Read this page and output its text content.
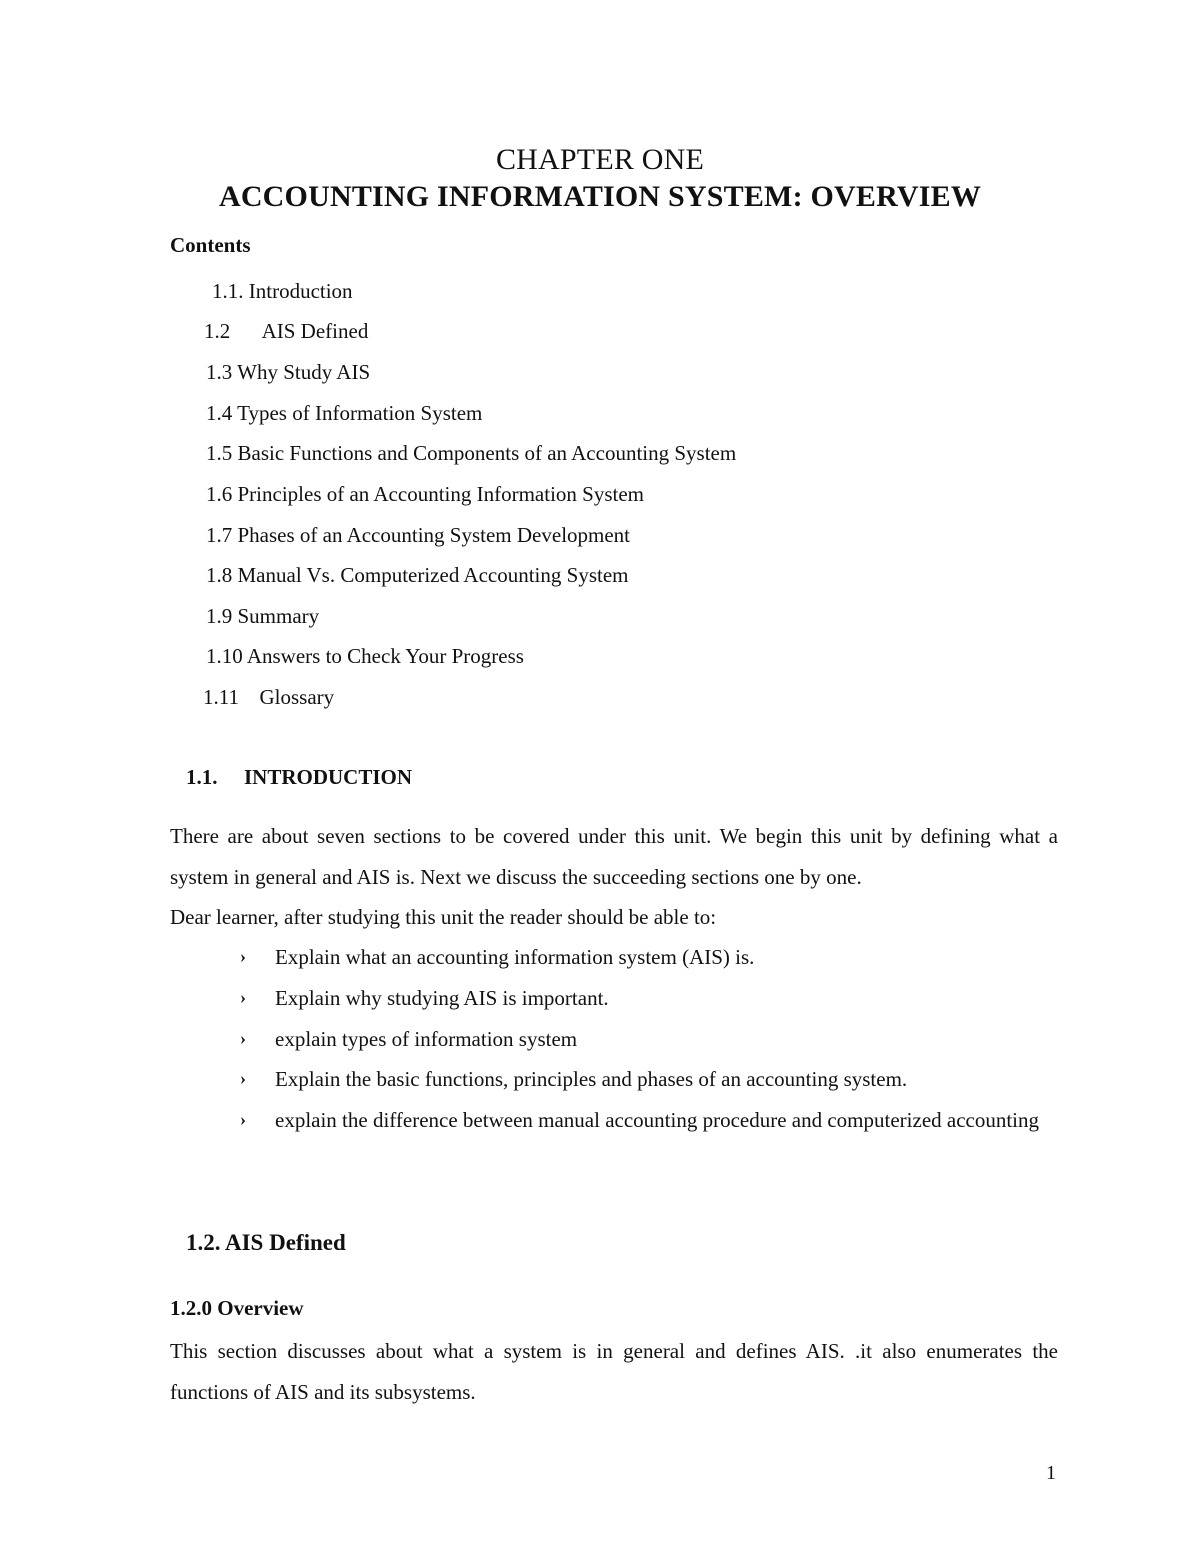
CHAPTER ONE
ACCOUNTING INFORMATION SYSTEM: OVERVIEW
Contents
1.1. Introduction
1.2 AIS Defined
1.3 Why Study AIS
1.4 Types of Information System
1.5 Basic Functions and Components of an Accounting System
1.6 Principles of an Accounting Information System
1.7 Phases of an Accounting System Development
1.8 Manual Vs. Computerized Accounting System
1.9 Summary
1.10 Answers to Check Your Progress
1.11 Glossary
1.1. INTRODUCTION
There are about seven sections to be covered under this unit. We begin this unit by defining what a system in general and AIS is. Next we discuss the succeeding sections one by one.
Dear learner, after studying this unit the reader should be able to:
› Explain what an accounting information system (AIS) is.
› Explain why studying AIS is important.
› explain types of information system
› Explain the basic functions, principles and phases of an accounting system.
› explain the difference between manual accounting procedure and computerized accounting
1.2. AIS Defined
1.2.0 Overview
This section discusses about what a system is in general and defines AIS. .it also enumerates the functions of AIS and its subsystems.
1
